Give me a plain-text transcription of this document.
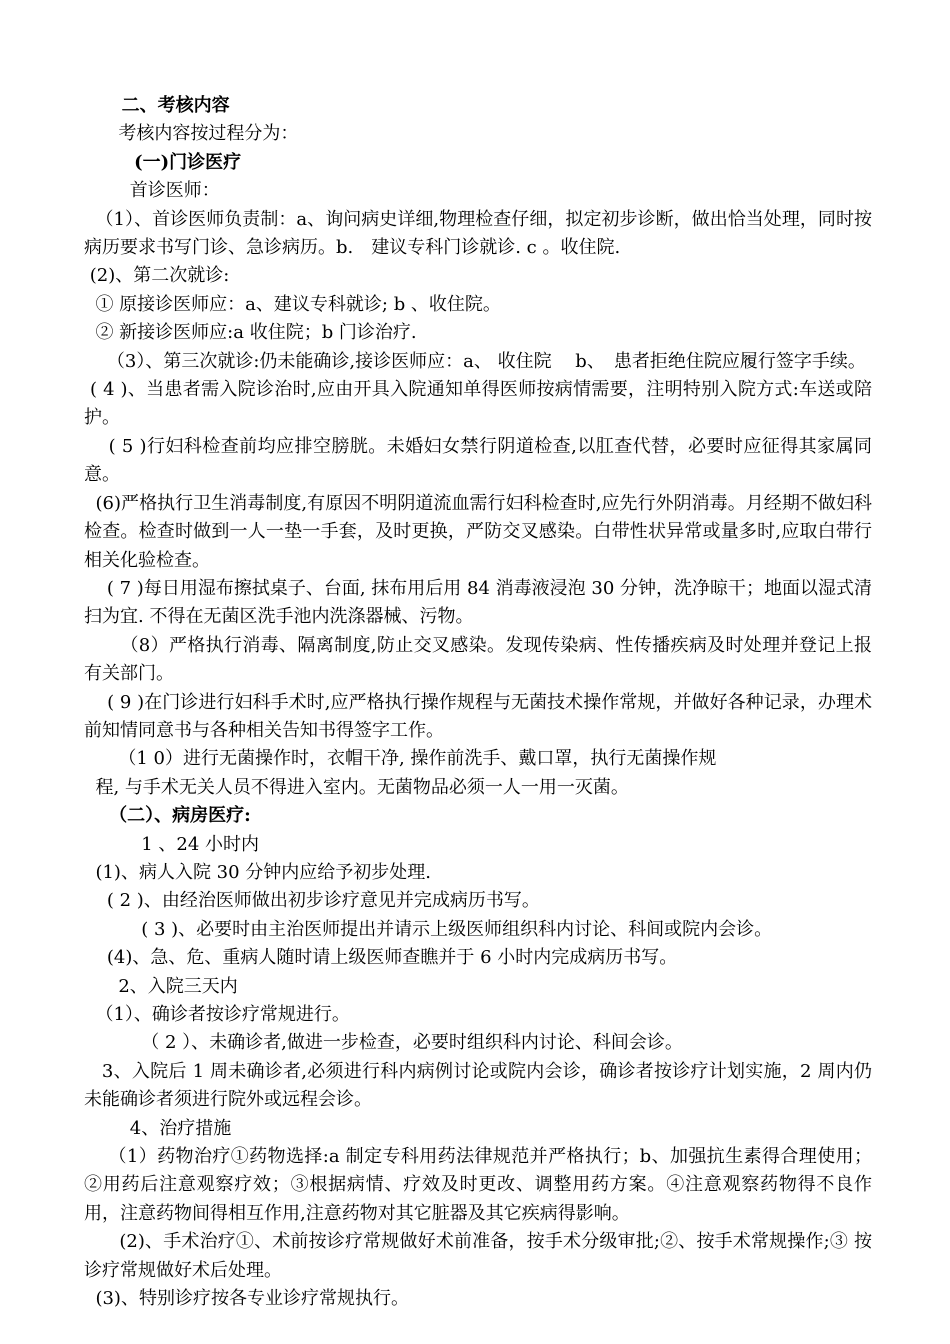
二、考核内容

考核内容按过程分为：

(一)门诊医疗

首诊医师：

（1）、首诊医师负责制：a、询问病史详细,物理检查仔细，拟定初步诊断，做出恰当处理，同时按病历要求书写门诊、急诊病历。b.　建议专科门诊就诊. c 。收住院.

(2)、第二次就诊:

① 原接诊医师应：a、建议专科就诊; b 、收住院。

② 新接诊医师应:a 收住院；b 门诊治疗.

（3）、第三次就诊:仍未能确诊,接诊医师应：a、 收住院　 b、　患者拒绝住院应履行签字手续。

( 4 )、当患者需入院诊治时,应由开具入院通知单得医师按病情需要，注明特别入院方式:车送或陪护。

( 5 )行妇科检查前均应排空膀胱。未婚妇女禁行阴道检查,以肛查代替，必要时应征得其家属同意。

(6)严格执行卫生消毒制度,有原因不明阴道流血需行妇科检查时,应先行外阴消毒。月经期不做妇科检查。检查时做到一人一垫一手套，及时更换，严防交叉感染。白带性状异常或量多时,应取白带行相关化验检查。

( 7 )每日用湿布擦拭桌子、台面, 抹布用后用 84 消毒液浸泡 30 分钟，洗净晾干；地面以湿式清扫为宜. 不得在无菌区洗手池内洗涤器械、污物。

（8）严格执行消毒、隔离制度,防止交叉感染。发现传染病、性传播疾病及时处理并登记上报有关部门。

( 9 )在门诊进行妇科手术时,应严格执行操作规程与无菌技术操作常规，并做好各种记录，办理术前知情同意书与各种相关告知书得签字工作。

（1 0）进行无菌操作时，衣帽干净, 操作前洗手、戴口罩，执行无菌操作规

程, 与手术无关人员不得进入室内。无菌物品必须一人一用一灭菌。

（二）、病房医疗:

1 、24 小时内

(1)、病人入院 30 分钟内应给予初步处理.

( 2 )、由经治医师做出初步诊疗意见并完成病历书写。

( 3 )、必要时由主治医师提出并请示上级医师组织科内讨论、科间或院内会诊。

(4)、急、危、重病人随时请上级医师查瞧并于 6 小时内完成病历书写。

2、入院三天内

（1）、确诊者按诊疗常规进行。

（ 2 ）、未确诊者,做进一步检查，必要时组织科内讨论、科间会诊。

3、入院后 1 周未确诊者,必须进行科内病例讨论或院内会诊，确诊者按诊疗计划实施，2 周内仍未能确诊者须进行院外或远程会诊。

4、治疗措施

（1）药物治疗①药物选择:a 制定专科用药法律规范并严格执行；b、加强抗生素得合理使用；②用药后注意观察疗效；③根据病情、疗效及时更改、调整用药方案。④注意观察药物得不良作用，注意药物间得相互作用,注意药物对其它脏器及其它疾病得影响。

(2)、手术治疗①、术前按诊疗常规做好术前准备，按手术分级审批;②、按手术常规操作;③ 按诊疗常规做好术后处理。

(3)、特别诊疗按各专业诊疗常规执行。
